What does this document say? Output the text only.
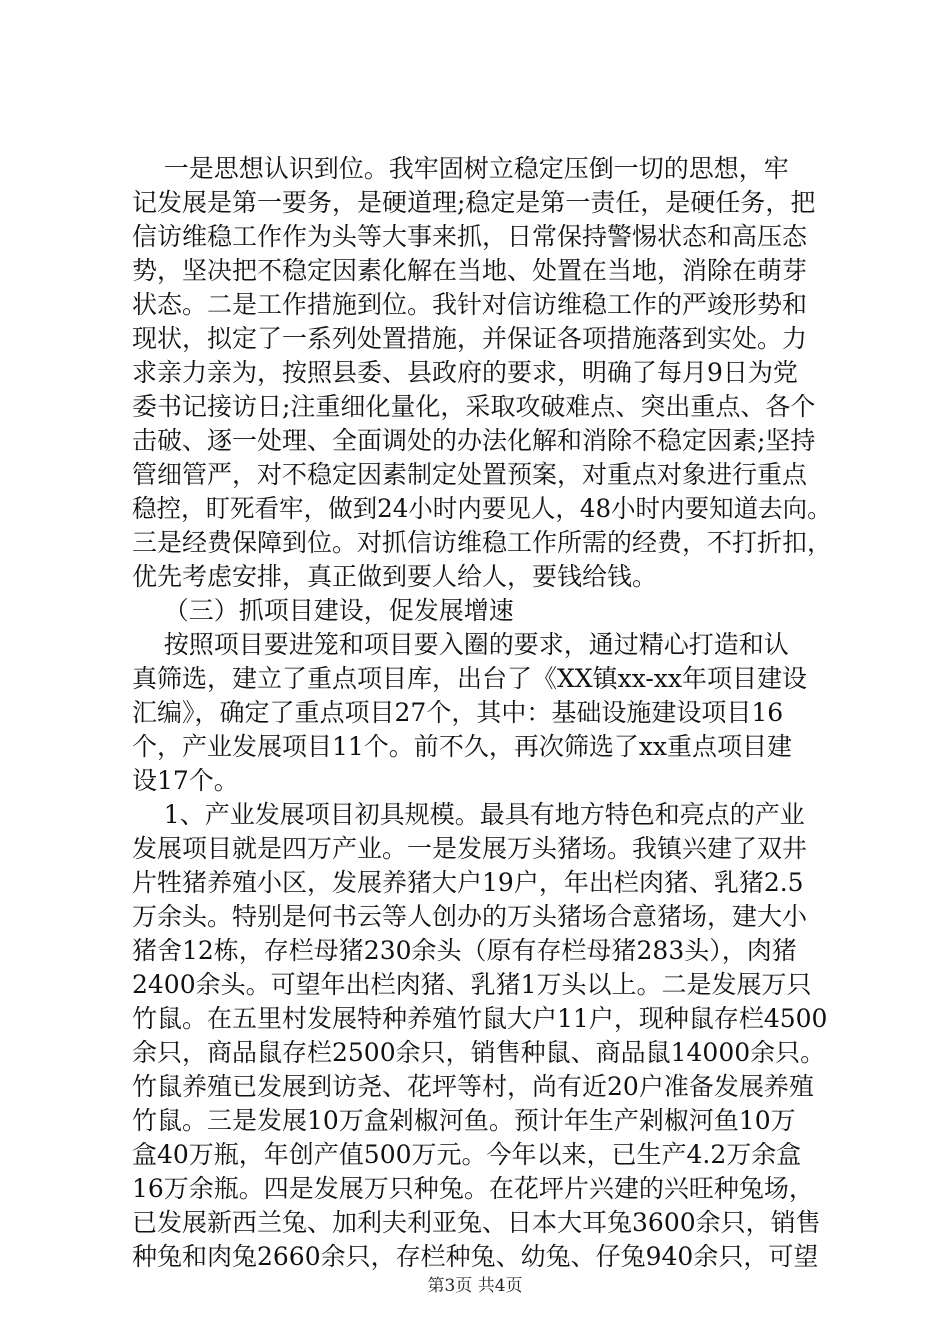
一是思想认识到位。我牢固树立稳定压倒一切的思想，牢
记发展是第一要务，是硬道理;稳定是第一责任，是硬任务，把
信访维稳工作作为头等大事来抓，日常保持警惕状态和高压态
势，坚决把不稳定因素化解在当地、处置在当地，消除在萌芽
状态。二是工作措施到位。我针对信访维稳工作的严竣形势和
现状，拟定了一系列处置措施，并保证各项措施落到实处。力
求亲力亲为，按照县委、县政府的要求，明确了每月9日为党
委书记接访日;注重细化量化，采取攻破难点、突出重点、各个
击破、逐一处理、全面调处的办法化解和消除不稳定因素;坚持
管细管严，对不稳定因素制定处置预案，对重点对象进行重点
稳控，盯死看牢，做到24小时内要见人，48小时内要知道去向。
三是经费保障到位。对抓信访维稳工作所需的经费，不打折扣，
优先考虑安排，真正做到要人给人，要钱给钱。
（三）抓项目建设，促发展增速
按照项目要进笼和项目要入圈的要求，通过精心打造和认
真筛选，建立了重点项目库，出台了《XX镇xx-xx年项目建设
汇编》，确定了重点项目27个，其中：基础设施建设项目16
个，产业发展项目11个。前不久，再次筛选了xx重点项目建
设17个。
1、产业发展项目初具规模。最具有地方特色和亮点的产业
发展项目就是四万产业。一是发展万头猪场。我镇兴建了双井
片牲猪养殖小区，发展养猪大户19户，年出栏肉猪、乳猪2.5
万余头。特别是何书云等人创办的万头猪场合意猪场，建大小
猪舍12栋，存栏母猪230余头（原有存栏母猪283头），肉猪
2400余头。可望年出栏肉猪、乳猪1万头以上。二是发展万只
竹鼠。在五里村发展特种养殖竹鼠大户11户，现种鼠存栏4500
余只，商品鼠存栏2500余只，销售种鼠、商品鼠14000余只。
竹鼠养殖已发展到访尧、花坪等村，尚有近20户准备发展养殖
竹鼠。三是发展10万盒剁椒河鱼。预计年生产剁椒河鱼10万
盒40万瓶，年创产值500万元。今年以来，已生产4.2万余盒
16万余瓶。四是发展万只种兔。在花坪片兴建的兴旺种兔场，
已发展新西兰兔、加利夫利亚兔、日本大耳兔3600余只，销售
种兔和肉兔2660余只，存栏种兔、幼兔、仔兔940余只，可望
第3页 共4页
